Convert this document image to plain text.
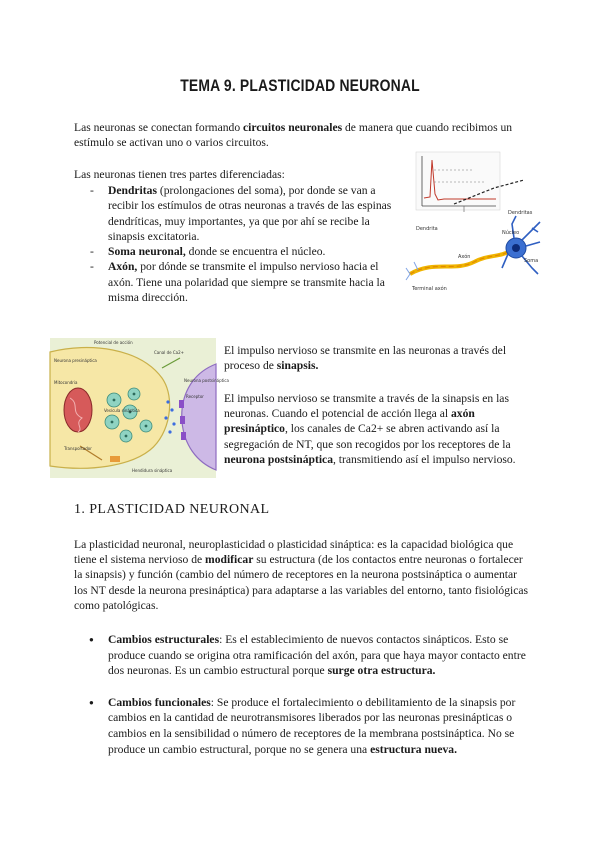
TEMA 9. PLASTICIDAD NEURONAL

Las neuronas se conectan formando circuitos neuronales de manera que cuando recibimos un estímulo se activan uno o varios circuitos.

Las neuronas tienen tres partes diferenciadas:

- Dendritas (prolongaciones del soma), por donde se van a recibir los estímulos de otras neuronas a través de las espinas dendríticas, muy importantes, ya que por ahí se recibe la sinapsis excitatoria.
- Soma neuronal, donde se encuentra el núcleo.
- Axón, por dónde se transmite el impulso nervioso hacia el axón. Tiene una polaridad que siempre se transmite hacia la misma dirección.
Dendrita
Terminal axón
Núcleo
Soma
Dendritas
Axón
Potencial de acción
Neurona presináptica
Canal de Ca2+
Mitocondria
Vesícula sináptica
Receptor
Neurona postsináptica
Transportador
Hendidura sináptica

El impulso nervioso se transmite en las neuronas a través del proceso de sinapsis.

El impulso nervioso se transmite a través de la sinapsis en las neuronas. Cuando el potencial de acción llega al axón presináptico, los canales de Ca2+ se abren activando así la segregación de NT, que son recogidos por los receptores de la neurona postsináptica, transmitiendo así el impulso nervioso.

1. PLASTICIDAD NEURONAL

La plasticidad neuronal, neuroplasticidad o plasticidad sináptica: es la capacidad biológica que tiene el sistema nervioso de modificar su estructura (de los contactos entre neuronas o fortalecer la sinapsis) y función (cambio del número de receptores en la neurona postsináptica o aumentar los NT desde la neurona presináptica) para adaptarse a las variables del entorno, tanto fisiológicas como patológicas.

● Cambios estructurales: Es el establecimiento de nuevos contactos sinápticos. Esto se produce cuando se origina otra ramificación del axón, para que haya mayor contacto entre dos neuronas. Es un cambio estructural porque surge otra estructura.
● Cambios funcionales: Se produce el fortalecimiento o debilitamiento de la sinapsis por cambios en la cantidad de neurotransmisores liberados por las neuronas presinápticas o cambios en la sensibilidad o número de receptores de la membrana postsináptica. No se produce un cambio estructural, porque no se genera una estructura nueva.
